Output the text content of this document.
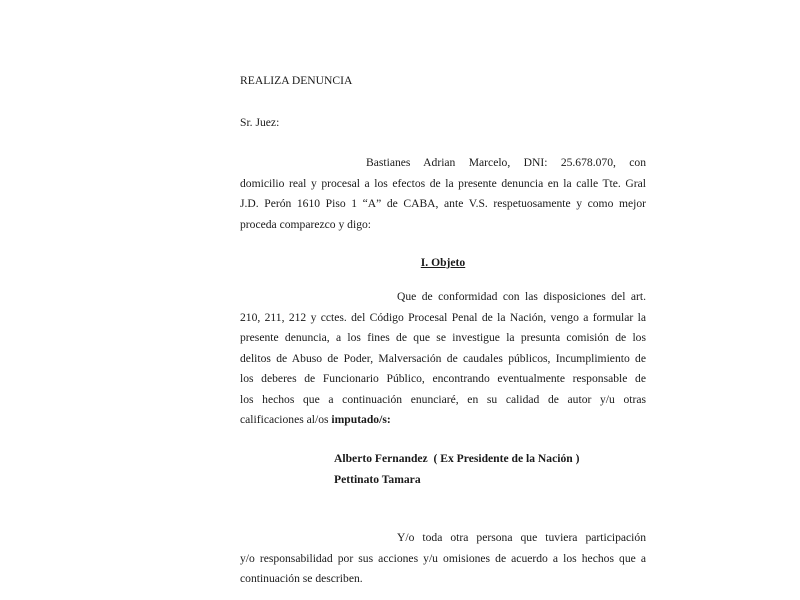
REALIZA DENUNCIA
Sr. Juez:
Bastianes Adrian Marcelo, DNI: 25.678.070, con
domicilio real y procesal a los efectos de la presente denuncia en la calle Tte. Gral
J.D. Perón 1610 Piso 1 “A” de CABA, ante V.S. respetuosamente y como mejor
proceda comparezco y digo:
I. Objeto
Que de conformidad con las disposiciones del art.
210, 211, 212 y cctes. del Código Procesal Penal de la Nación, vengo a formular la
presente denuncia, a los fines de que se investigue la presunta comisión de los
delitos de Abuso de Poder, Malversación de caudales públicos, Incumplimiento de
los deberes de Funcionario Público, encontrando eventualmente responsable de
los hechos que a continuación enunciaré, en su calidad de autor y/u otras
calificaciones al/os imputado/s:
Alberto Fernandez  ( Ex Presidente de la Nación )
Pettinato Tamara
Y/o toda otra persona que tuviera participación
y/o responsabilidad por sus acciones y/u omisiones de acuerdo a los hechos que a
continuación se describen.
